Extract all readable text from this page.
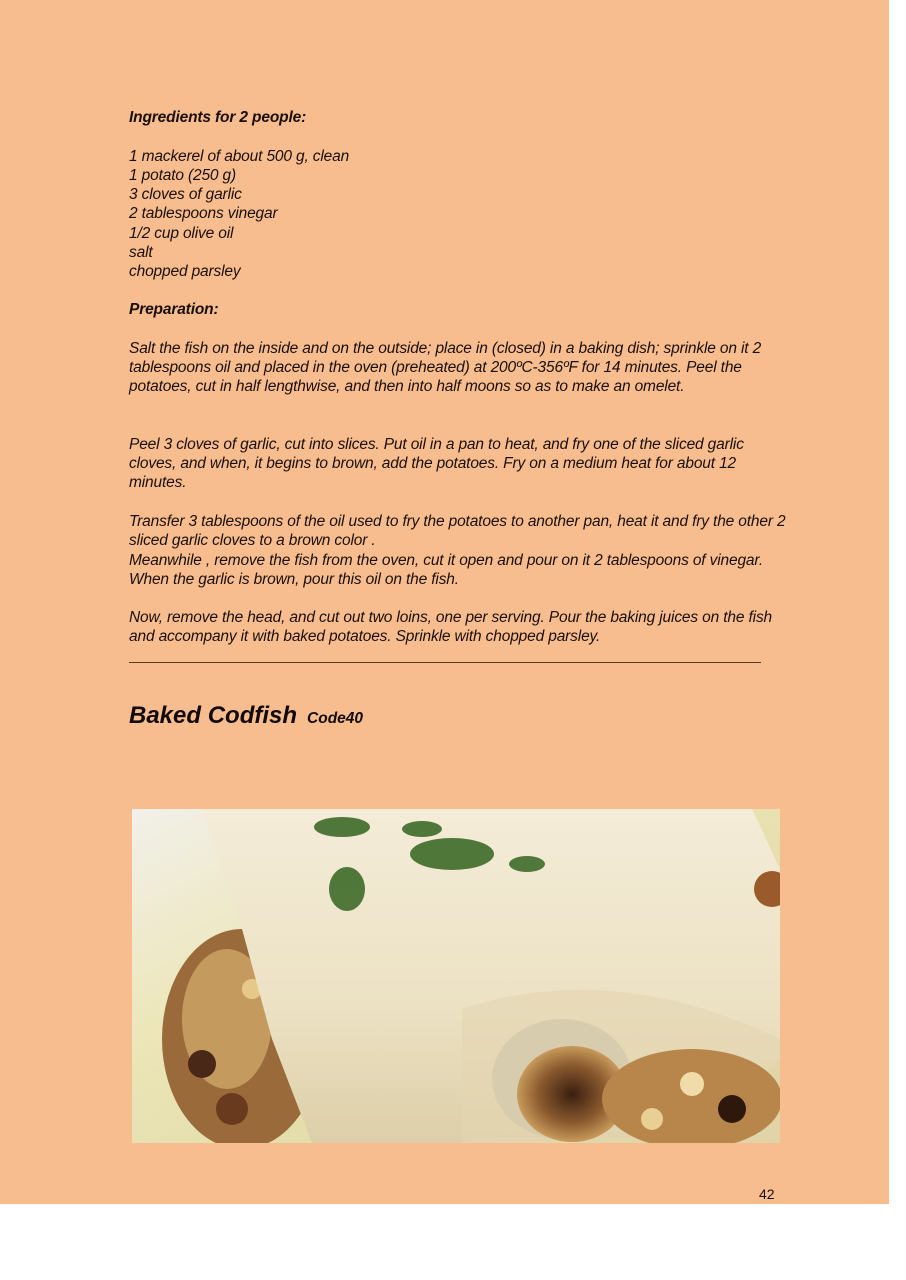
Ingredients for 2 people:

1 mackerel of about 500 g, clean

1 potato (250 g)

3 cloves of garlic

2 tablespoons vinegar

1/2 cup olive oil

salt

chopped parsley

Preparation:

Salt the fish on the inside and on the outside; place in (closed) in a baking dish; sprinkle on it 2 tablespoons oil and placed in the oven (preheated) at 200ºC-356ºF for 14 minutes. Peel the potatoes, cut in half lengthwise, and then into half moons so as to make an omelet.

Peel 3 cloves of garlic, cut into slices. Put oil in a pan to heat, and fry one of the sliced garlic cloves, and when, it begins to brown, add the potatoes. Fry on a medium heat for about 12 minutes.

Transfer 3 tablespoons of the oil used to fry the potatoes to another pan, heat it and fry the other 2 sliced garlic cloves to a brown color .

Meanwhile , remove the fish from the oven, cut it open and pour on it 2 tablespoons of vinegar. When the garlic is brown, pour this oil on the fish.

Now, remove the head, and cut out two loins, one per serving. Pour the baking juices on the fish and accompany it with baked potatoes. Sprinkle with chopped parsley.

Baked Codfish Code40
42
